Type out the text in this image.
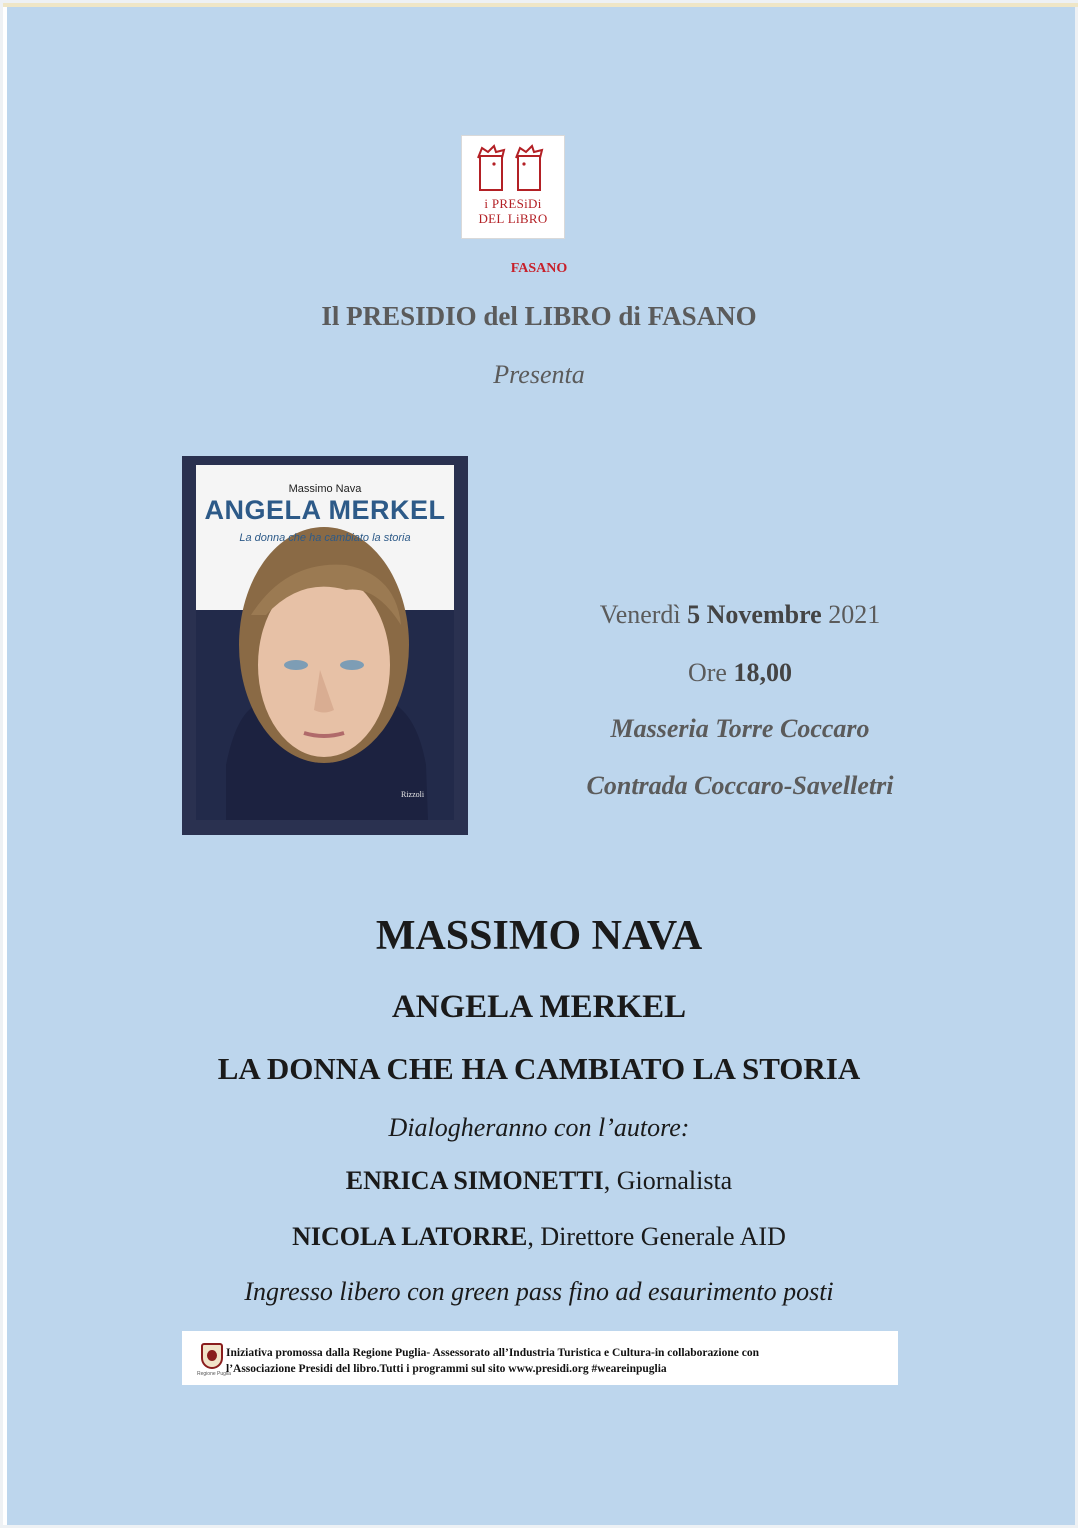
i PRESiDi
DEL LiBRO
FASANO
Il PRESIDIO del LIBRO di FASANO
Presenta
Massimo Nava
ANGELA MERKEL
La donna che ha cambiato la storia
Rizzoli
Venerdì 5 Novembre 2021
Ore 18,00
Masseria Torre Coccaro
Contrada Coccaro-Savelletri
MASSIMO NAVA
ANGELA MERKEL
LA DONNA CHE HA CAMBIATO LA STORIA
Dialogheranno con l’autore:
ENRICA SIMONETTI, Giornalista
NICOLA LATORRE, Direttore Generale AID
Ingresso libero con green pass fino ad esaurimento posti
Regione Puglia
Iniziativa promossa dalla Regione Puglia- Assessorato all’Industria Turistica e Cultura-in collaborazione con
l’Associazione Presidi del libro.Tutti i programmi sul sito www.presidi.org #weareinpuglia
